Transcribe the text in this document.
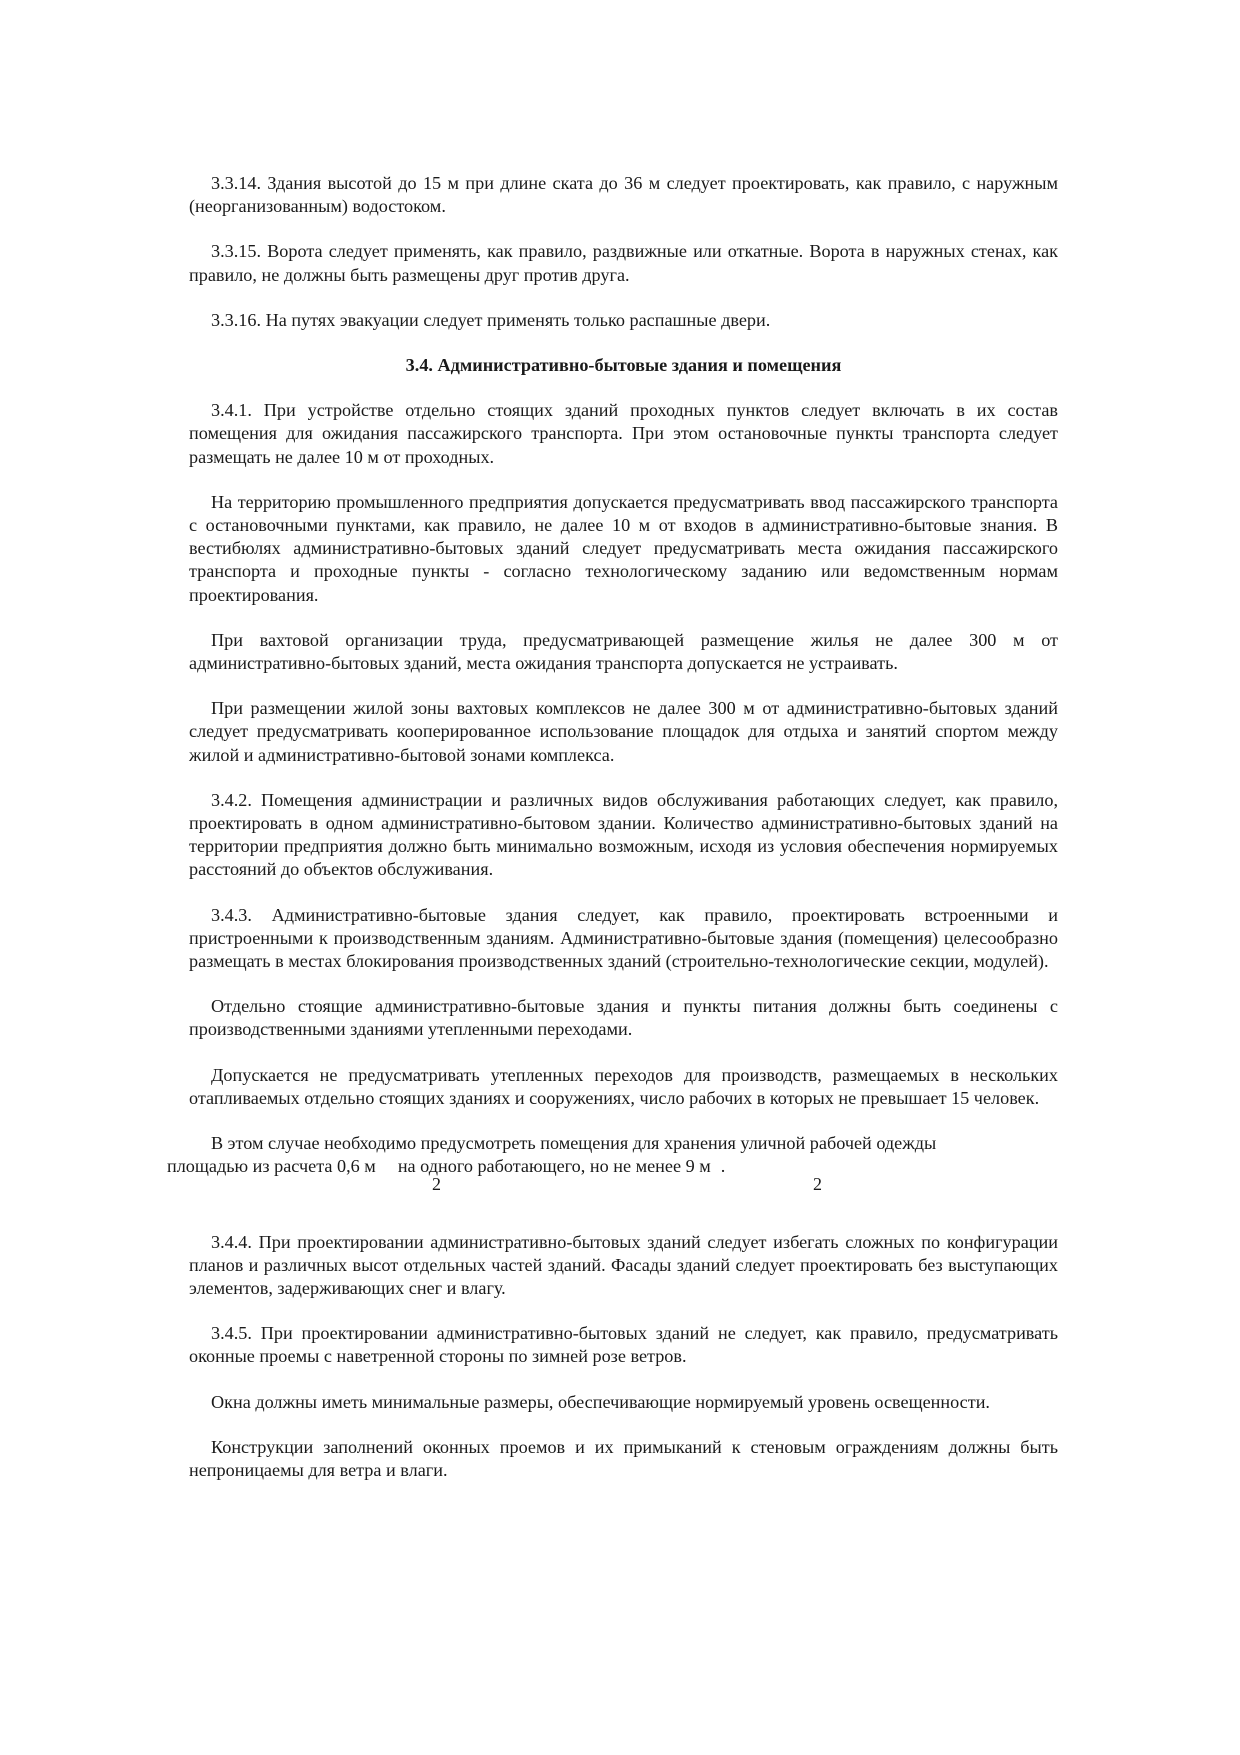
3.3.14. Здания высотой до 15 м при длине ската до 36 м следует проектировать, как правило, с наружным (неорганизованным) водостоком.

3.3.15. Ворота следует применять, как правило, раздвижные или откатные. Ворота в наружных стенах, как правило, не должны быть размещены друг против друга.

3.3.16. На путях эвакуации следует применять только распашные двери.

3.4. Административно-бытовые здания и помещения

3.4.1. При устройстве отдельно стоящих зданий проходных пунктов следует включать в их состав помещения для ожидания пассажирского транспорта. При этом остановочные пункты транспорта следует размещать не далее 10 м от проходных.

На территорию промышленного предприятия допускается предусматривать ввод пассажирского транспорта с остановочными пунктами, как правило, не далее 10 м от входов в административно-бытовые знания. В вестибюлях административно-бытовых зданий следует предусматривать места ожидания пассажирского транспорта и проходные пункты - согласно технологическому заданию или ведомственным нормам проектирования.

При вахтовой организации труда, предусматривающей размещение жилья не далее 300 м от административно-бытовых зданий, места ожидания транспорта допускается не устраивать.

При размещении жилой зоны вахтовых комплексов не далее 300 м от административно-бытовых зданий следует предусматривать кооперированное использование площадок для отдыха и занятий спортом между жилой и административно-бытовой зонами комплекса.

3.4.2. Помещения администрации и различных видов обслуживания работающих следует, как правило, проектировать в одном административно-бытовом здании. Количество административно-бытовых зданий на территории предприятия должно быть минимально возможным, исходя из условия обеспечения нормируемых расстояний до объектов обслуживания.

3.4.3. Административно-бытовые здания следует, как правило, проектировать встроенными и пристроенными к производственным зданиям. Административно-бытовые здания (помещения) целесообразно размещать в местах блокирования производственных зданий (строительно-технологические секции, модулей).

Отдельно стоящие административно-бытовые здания и пункты питания должны быть соединены с производственными зданиями утепленными переходами.

Допускается не предусматривать утепленных переходов для производств, размещаемых в нескольких отапливаемых отдельно стоящих зданиях и сооружениях, число рабочих в которых не превышает 15 человек.

В этом случае необходимо предусмотреть помещения для хранения уличной рабочей одежды
площадью из расчета 0,6 м
2
на одного работающего, но не менее 9 м
2
.

3.4.4. При проектировании административно-бытовых зданий следует избегать сложных по конфигурации планов и различных высот отдельных частей зданий. Фасады зданий следует проектировать без выступающих элементов, задерживающих снег и влагу.

3.4.5. При проектировании административно-бытовых зданий не следует, как правило, предусматривать оконные проемы с наветренной стороны по зимней розе ветров.

Окна должны иметь минимальные размеры, обеспечивающие нормируемый уровень освещенности.

Конструкции заполнений оконных проемов и их примыканий к стеновым ограждениям должны быть непроницаемы для ветра и влаги.
